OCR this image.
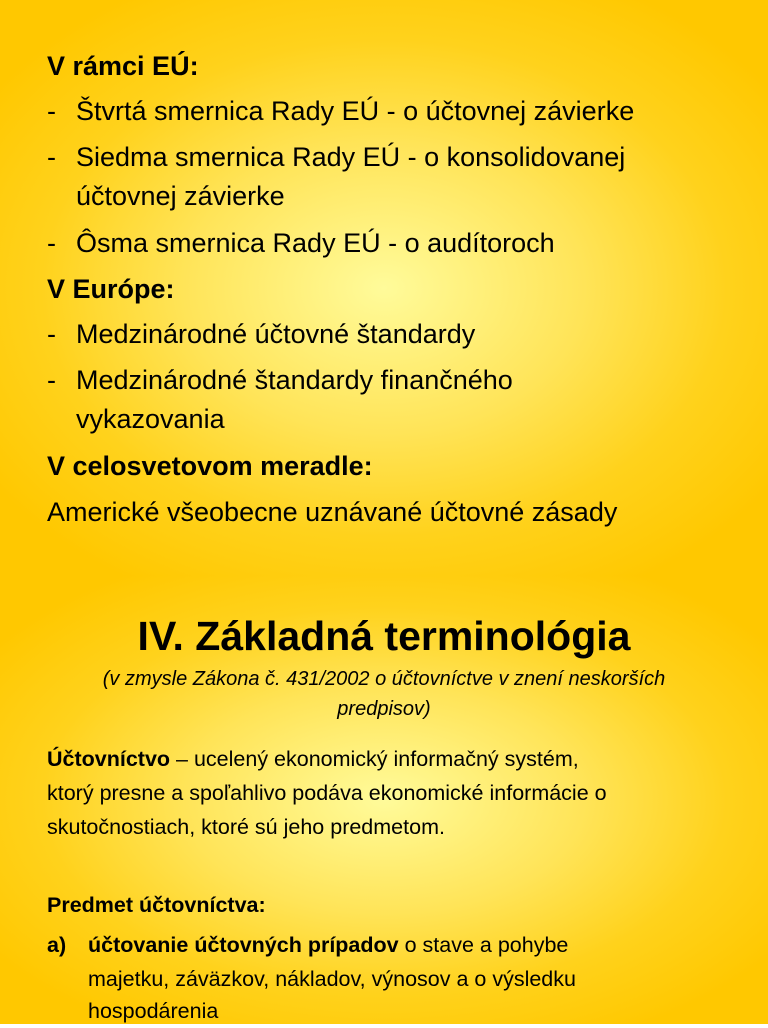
V rámci EÚ:

- Štvrtá smernica Rady EÚ - o účtovnej závierke

- Siedma smernica Rady EÚ - o konsolidovanej

účtovnej závierke

- Ôsma smernica Rady EÚ - o audítoroch

V Európe:

- Medzinárodné účtovné štandardy

- Medzinárodné štandardy finančného

vykazovania

V celosvetovom meradle:

Americké všeobecne uznávané účtovné zásady

IV. Základná terminológia

(v zmysle Zákona č. 431/2002 o účtovníctve v znení neskorších

predpisov)

Účtovníctvo – ucelený ekonomický informačný systém,

ktorý presne a spoľahlivo podáva ekonomické informácie o

skutočnostiach, ktoré sú jeho predmetom.

Predmet účtovníctva:

a) účtovanie účtovných prípadov o stave a pohybe

majetku, záväzkov, nákladov, výnosov a o výsledku

hospodárenia
